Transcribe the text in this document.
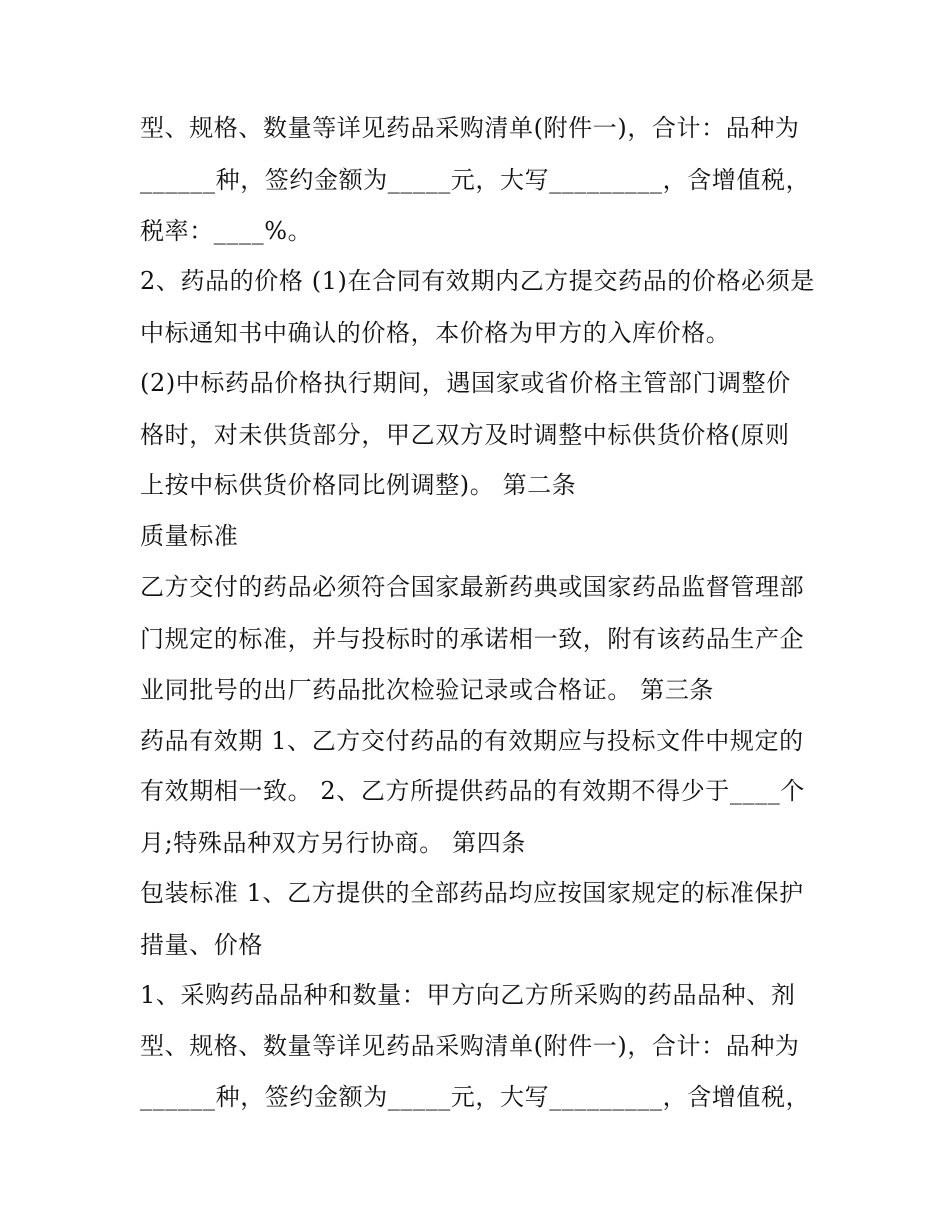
型、规格、数量等详见药品采购清单(附件一)，合计：品种为
______种，签约金额为_____元，大写_________，含增值税，
税率：____%。
2、药品的价格 (1)在合同有效期内乙方提交药品的价格必须是
中标通知书中确认的价格，本价格为甲方的入库价格。
(2)中标药品价格执行期间，遇国家或省价格主管部门调整价
格时，对未供货部分，甲乙双方及时调整中标供货价格(原则
上按中标供货价格同比例调整)。 第二条
质量标准
乙方交付的药品必须符合国家最新药典或国家药品监督管理部
门规定的标准，并与投标时的承诺相一致，附有该药品生产企
业同批号的出厂药品批次检验记录或合格证。 第三条
药品有效期 1、乙方交付药品的有效期应与投标文件中规定的
有效期相一致。 2、乙方所提供药品的有效期不得少于____个
月;特殊品种双方另行协商。 第四条
包装标准 1、乙方提供的全部药品均应按国家规定的标准保护
措量、价格
1、采购药品品种和数量：甲方向乙方所采购的药品品种、剂
型、规格、数量等详见药品采购清单(附件一)，合计：品种为
______种，签约金额为_____元，大写_________，含增值税，
